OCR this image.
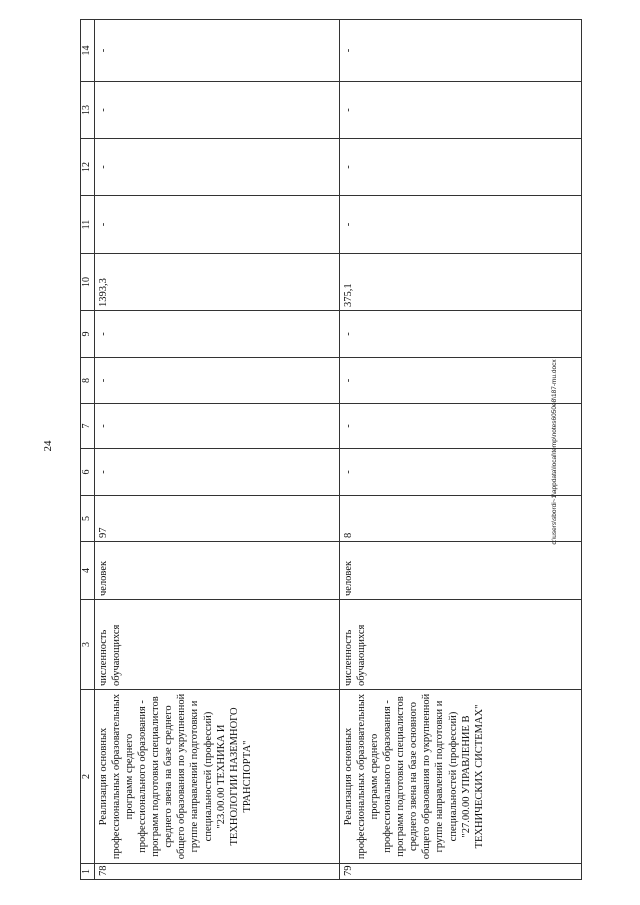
24
1	2	3	4	5	6	7	8	9	10	11	12	13	14
78	Реализация основных профессиональных образовательных программ среднего профессионального образования - программ подготовки специалистов среднего звена на базе среднего общего образования по укрупненной группе направлений подготовки и специальностей (профессий) "23.00.00 ТЕХНИКА И ТЕХНОЛОГИИ НАЗЕМНОГО ТРАНСПОРТА"	численность обучающихся	человек	97	-	-	-	-	1393,3	-	-	-	-
79	Реализация основных профессиональных образовательных программ среднего профессионального образования - программ подготовки специалистов среднего звена на базе основного общего образования по укрупненной группе направлений подготовки и специальностей (профессий) "27.00.00 УПРАВЛЕНИЕ В ТЕХНИЧЕСКИХ СИСТЕМАХ"	численность обучающихся	человек	8	-	-	-	-	375,1	-	-	-	-
c:\users\sbordi~1\appdata\local\temp\notes6050e8\187-mu.docx
